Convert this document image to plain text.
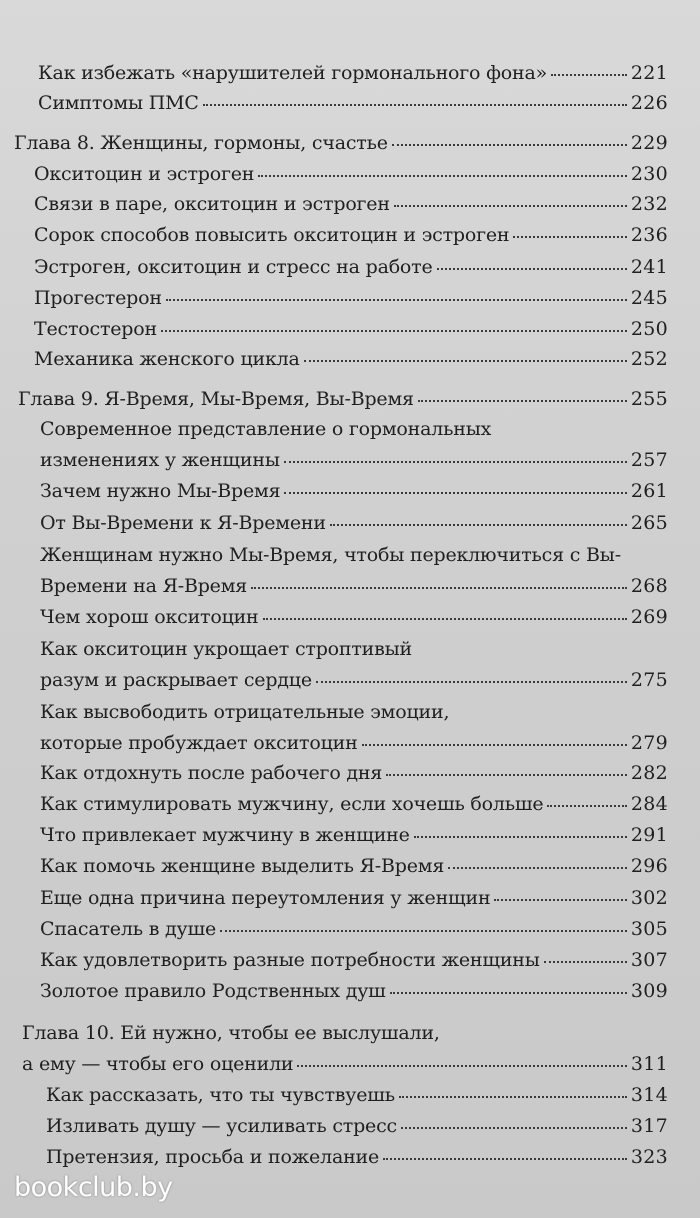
Как избежать «нарушителей гормонального фона»	221
Симптомы ПМС	226
Глава 8. Женщины, гормоны, счастье	229
Окситоцин и эстроген	230
Связи в паре, окситоцин и эстроген	232
Сорок способов повысить окситоцин и эстроген	236
Эстроген, окситоцин и стресс на работе	241
Прогестерон	245
Тестостерон	250
Механика женского цикла	252
Глава 9. Я-Время, Мы-Время, Вы-Время	255
Современное представление о гормональных
изменениях у женщины	257
Зачем нужно Мы-Время	261
От Вы-Времени к Я-Времени	265
Женщинам нужно Мы-Время, чтобы переключиться с Вы-
Времени на Я-Время	268
Чем хорош окситоцин	269
Как окситоцин укрощает строптивый
разум и раскрывает сердце	275
Как высвободить отрицательные эмоции,
которые пробуждает окситоцин	279
Как отдохнуть после рабочего дня	282
Как стимулировать мужчину, если хочешь больше	284
Что привлекает мужчину в женщине	291
Как помочь женщине выделить Я-Время	296
Еще одна причина переутомления у женщин	302
Спасатель в душе	305
Как удовлетворить разные потребности женщины	307
Золотое правило Родственных душ	309
Глава 10. Ей нужно, чтобы ее выслушали,
а ему — чтобы его оценили	311
Как рассказать, что ты чувствуешь	314
Изливать душу — усиливать стресс	317
Претензия, просьба и пожелание	323
bookclub.by
